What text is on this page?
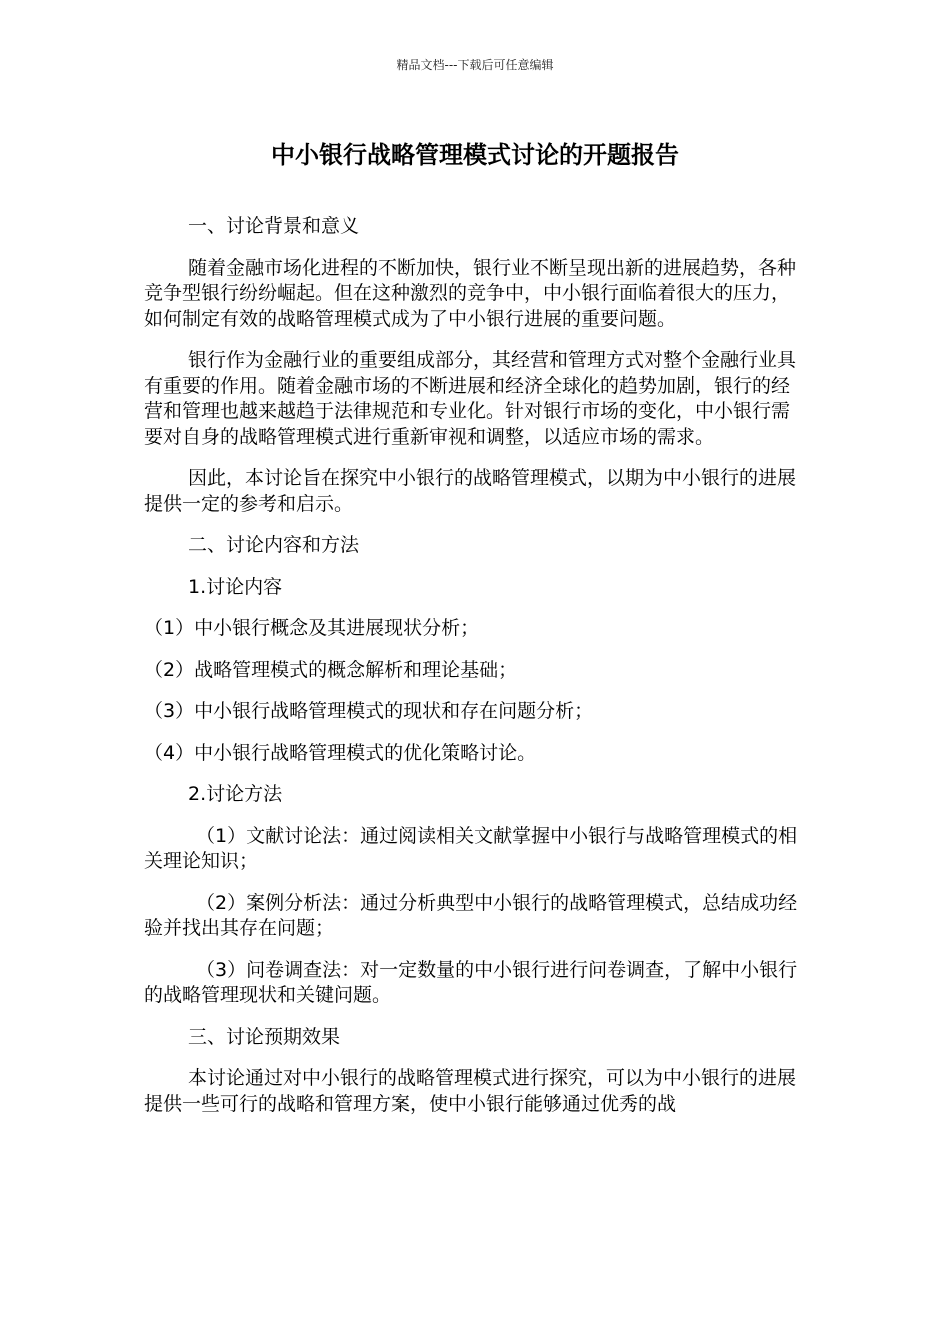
精品文档---下载后可任意编辑
中小银行战略管理模式讨论的开题报告

一、讨论背景和意义

随着金融市场化进程的不断加快，银行业不断呈现出新的进展趋势，各种竞争型银行纷纷崛起。但在这种激烈的竞争中，中小银行面临着很大的压力，如何制定有效的战略管理模式成为了中小银行进展的重要问题。

银行作为金融行业的重要组成部分，其经营和管理方式对整个金融行业具有重要的作用。随着金融市场的不断进展和经济全球化的趋势加剧，银行的经营和管理也越来越趋于法律规范和专业化。针对银行市场的变化，中小银行需要对自身的战略管理模式进行重新审视和调整，以适应市场的需求。

因此，本讨论旨在探究中小银行的战略管理模式，以期为中小银行的进展提供一定的参考和启示。

二、讨论内容和方法

1.讨论内容

（1）中小银行概念及其进展现状分析；

（2）战略管理模式的概念解析和理论基础；

（3）中小银行战略管理模式的现状和存在问题分析；

（4）中小银行战略管理模式的优化策略讨论。

2.讨论方法

（1）文献讨论法：通过阅读相关文献掌握中小银行与战略管理模式的相关理论知识；

（2）案例分析法：通过分析典型中小银行的战略管理模式，总结成功经验并找出其存在问题；

（3）问卷调查法：对一定数量的中小银行进行问卷调查，了解中小银行的战略管理现状和关键问题。

三、讨论预期效果

本讨论通过对中小银行的战略管理模式进行探究，可以为中小银行的进展提供一些可行的战略和管理方案，使中小银行能够通过优秀的战
